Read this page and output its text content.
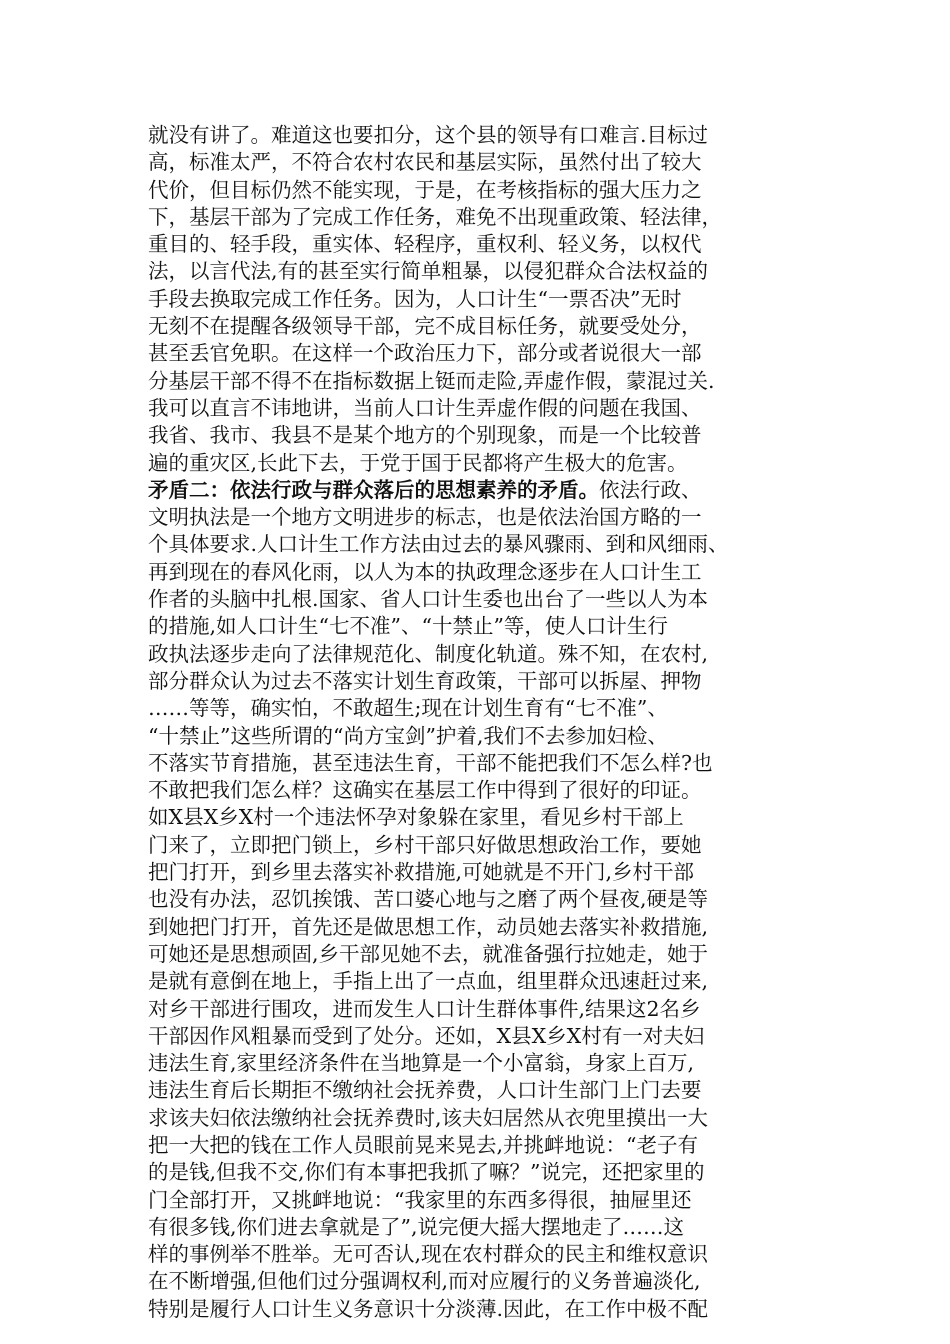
就没有讲了。难道这也要扣分，这个县的领导有口难言.目标过
高，标准太严，不符合农村农民和基层实际，虽然付出了较大
代价，但目标仍然不能实现，于是，在考核指标的强大压力之
下，基层干部为了完成工作任务，难免不出现重政策、轻法律，
重目的、轻手段，重实体、轻程序，重权利、轻义务，以权代
法，以言代法,有的甚至实行简单粗暴，以侵犯群众合法权益的
手段去换取完成工作任务。因为，人口计生“一票否决”无时
无刻不在提醒各级领导干部，完不成目标任务，就要受处分，
甚至丢官免职。在这样一个政治压力下，部分或者说很大一部
分基层干部不得不在指标数据上铤而走险,弄虚作假，蒙混过关.
我可以直言不讳地讲，当前人口计生弄虚作假的问题在我国、
我省、我市、我县不是某个地方的个别现象，而是一个比较普
遍的重灾区,长此下去，于党于国于民都将产生极大的危害。
矛盾二：依法行政与群众落后的思想素养的矛盾。依法行政、
文明执法是一个地方文明进步的标志，也是依法治国方略的一
个具体要求.人口计生工作方法由过去的暴风骤雨、到和风细雨、
再到现在的春风化雨，以人为本的执政理念逐步在人口计生工
作者的头脑中扎根.国家、省人口计生委也出台了一些以人为本
的措施,如人口计生“七不准”、“十禁止”等，使人口计生行
政执法逐步走向了法律规范化、制度化轨道。殊不知，在农村,
部分群众认为过去不落实计划生育政策，干部可以拆屋、押物
……等等，确实怕，不敢超生;现在计划生育有“七不准”、
“十禁止”这些所谓的“尚方宝剑”护着,我们不去参加妇检、
不落实节育措施，甚至违法生育，干部不能把我们不怎么样?也
不敢把我们怎么样？这确实在基层工作中得到了很好的印证。
如X县X乡X村一个违法怀孕对象躲在家里，看见乡村干部上
门来了，立即把门锁上，乡村干部只好做思想政治工作，要她
把门打开，到乡里去落实补救措施,可她就是不开门,乡村干部
也没有办法，忍饥挨饿、苦口婆心地与之磨了两个昼夜,硬是等
到她把门打开，首先还是做思想工作，动员她去落实补救措施,
可她还是思想顽固,乡干部见她不去，就准备强行拉她走，她于
是就有意倒在地上，手指上出了一点血，组里群众迅速赶过来,
对乡干部进行围攻，进而发生人口计生群体事件,结果这2名乡
干部因作风粗暴而受到了处分。还如，X县X乡X村有一对夫妇
违法生育,家里经济条件在当地算是一个小富翁，身家上百万,
违法生育后长期拒不缴纳社会抚养费，人口计生部门上门去要
求该夫妇依法缴纳社会抚养费时,该夫妇居然从衣兜里摸出一大
把一大把的钱在工作人员眼前晃来晃去,并挑衅地说：“老子有
的是钱,但我不交,你们有本事把我抓了嘛？”说完，还把家里的
门全部打开，又挑衅地说：“我家里的东西多得很，抽屉里还
有很多钱,你们进去拿就是了”,说完便大摇大摆地走了……这
样的事例举不胜举。无可否认,现在农村群众的民主和维权意识
在不断增强,但他们过分强调权利,而对应履行的义务普遍淡化,
特别是履行人口计生义务意识十分淡薄.因此，在工作中极不配
